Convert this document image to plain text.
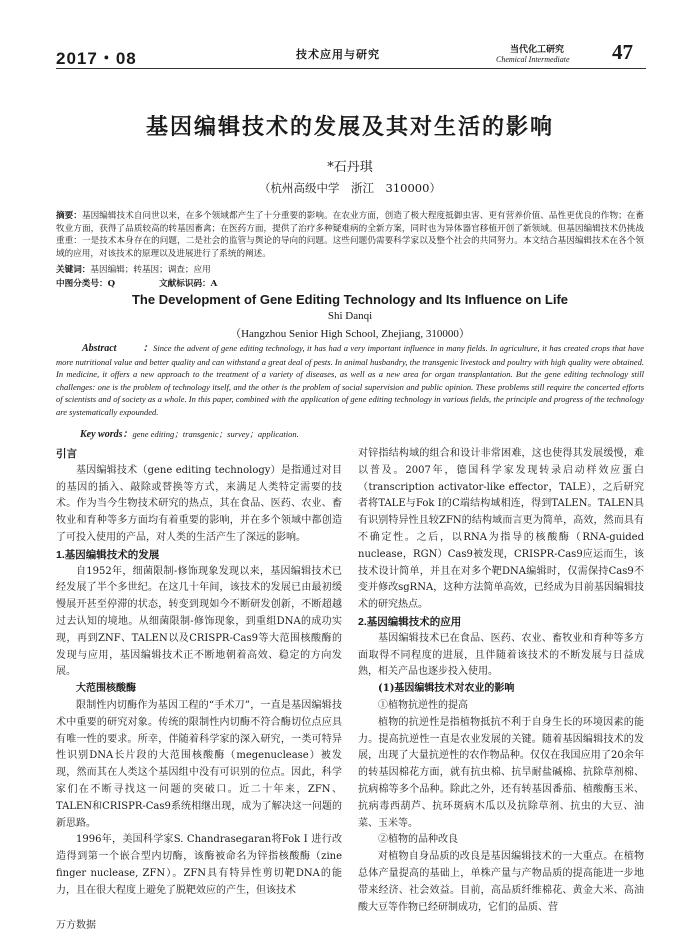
2017・08	技术应用与研究	当代化工研究
Chemical Intermediate 47
基因编辑技术的发展及其对生活的影响
*石丹琪
（杭州高级中学　浙江　310000）
摘要：基因编辑技术自问世以来，在多个领域都产生了十分重要的影响。在农业方面，创造了极大程度抵御虫害、更有营养价值、品性更优良的作物；在畜牧业方面，获得了品质较高的转基因畜禽；在医药方面，提供了治疗多种疑难病的全新方案，同时也为异体器官移植开创了新领域。但基因编辑技术仍挑战重重：一是技术本身存在的问题，二是社会的监管与舆论的导向的问题。这些问题仍需要科学家以及整个社会的共同努力。本文结合基因编辑技术在各个领域的应用，对该技术的原理以及进展进行了系统的阐述。
关键词：基因编辑；转基因；调查；应用
中图分类号：Q	文献标识码：A
The Development of Gene Editing Technology and Its Influence on Life
Shi Danqi
（Hangzhou Senior High School, Zhejiang, 310000）
Abstract	：Since the advent of gene editing technology, it has had a very important influence in many fields. In agriculture, it has created crops that have more nutritional value and better quality and can withstand a great deal of pests. In animal husbandry, the transgenic livestock and poultry with high quality were obtained. In medicine, it offers a new approach to the treatment of a variety of diseases, as well as a new area for organ transplantation. But the gene editing technology still challenges: one is the problem of technology itself, and the other is the problem of social supervision and public opinion. These problems still require the concerted efforts of scientists and of society as a whole. In this paper, combined with the application of gene editing technology in various fields, the principle and progress of the technology are systematically expounded.
Key words：gene editing；transgenic；survey；application.
引言

基因编辑技术（gene editing technology）是指通过对目的基因的插入、敲除或替换等方式，来满足人类特定需要的技术。作为当今生物技术研究的热点，其在食品、医药、农业、畜牧业和育种等多方面均有着重要的影响，并在多个领域中都创造了可投入使用的产品，对人类的生活产生了深远的影响。

1.基因编辑技术的发展

自1952年，细菌限制-修饰现象发现以来，基因编辑技术已经发展了半个多世纪。在这几十年间，该技术的发展已由最初缓慢展开甚至停滞的状态，转变到现如今不断研发创新，不断超越过去认知的境地。从细菌限制-修饰现象，到重组DNA的成功实现，再到ZNF、TALEN以及CRISPR-Cas9等大范围核酸酶的发现与应用，基因编辑技术正不断地朝着高效、稳定的方向发展。

大范围核酸酶

限制性内切酶作为基因工程的“手术刀”，一直是基因编辑技术中重要的研究对象。传统的限制性内切酶不符合酶切位点应具有唯一性的要求。所幸，伴随着科学家的深入研究，一类可特异性识别DNA长片段的大范围核酸酶（megenuclease）被发现，然而其在人类这个基因组中没有可识别的位点。因此，科学家们在不断寻找这一问题的突破口。近二十年来，ZFN、TALEN和CRISPR-Cas9系统相继出现，成为了解决这一问题的新思路。

1996年，美国科学家S. Chandrasegaran将Fok Ⅰ 进行改造得到第一个嵌合型内切酶，该酶被命名为锌指核酸酶（zine finger nuclease, ZFN）。ZFN具有特异性剪切靶DNA的能力，且在很大程度上避免了脱靶效应的产生，但该技术

对锌指结构域的组合和设计非常困难，这也使得其发展缓慢，难以普及。2007年，德国科学家发现转录启动样效应蛋白（transcription activator-like effector，TALE），之后研究者将TALE与Fok Ⅰ的C端结构域相连，得到TALEN。TALEN具有识别特异性且较ZFN的结构域而言更为简单，高效，然而具有不确定性。之后，以RNA为指导的核酸酶（RNA-guided nuclease，RGN）Cas9被发现，CRISPR-Cas9应运而生，该技术设计简单，并且在对多个靶DNA编辑时，仅需保持Cas9不变并修改sgRNA，这种方法简单高效，已经成为目前基因编辑技术的研究热点。

2.基因编辑技术的应用

基因编辑技术已在食品、医药、农业、畜牧业和育种等多方面取得不同程度的进展，且伴随着该技术的不断发展与日益成熟，相关产品也逐步投入使用。

(1)基因编辑技术对农业的影响
①植物抗逆性的提高

植物的抗逆性是指植物抵抗不利于自身生长的环境因素的能力。提高抗逆性一直是农业发展的关键。随着基因编辑技术的发展，出现了大量抗逆性的农作物品种。仅仅在我国应用了20余年的转基因棉花方面，就有抗虫棉、抗旱耐盐碱棉、抗除草剂棉、抗病棉等多个品种。除此之外，还有转基因番茄、植酸酶玉米、抗病毒西葫芦、抗环斑病木瓜以及抗除草剂、抗虫的大豆、油菜、玉米等。

②植物的品种改良

对植物自身品质的改良是基因编辑技术的一大重点。在植物总体产量提高的基础上，单株产量与产物品质的提高能进一步地带来经济、社会效益。目前，高品质纤维棉花、黄金大米、高油酸大豆等作物已经研制成功，它们的品质、营

万方数据
